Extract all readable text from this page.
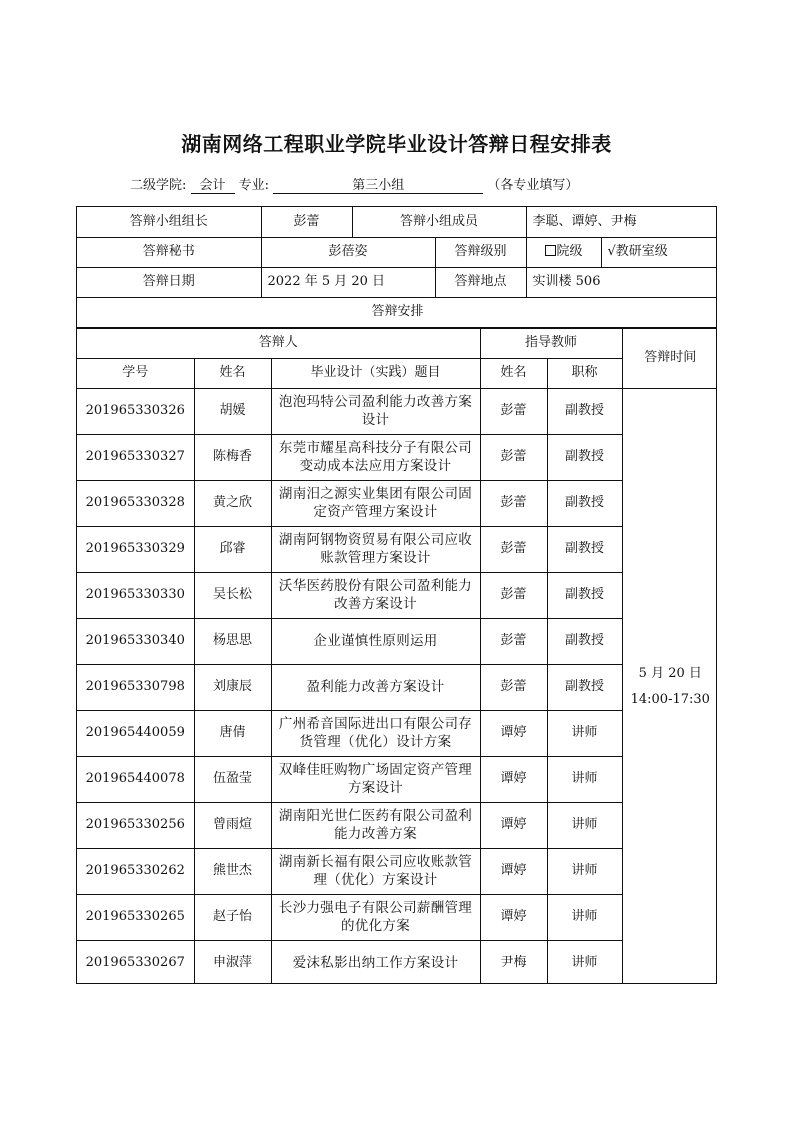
湖南网络工程职业学院毕业设计答辩日程安排表
二级学院: 会计 专业:	第三小组	（各专业填写）
答辩小组组长	彭蕾	答辩小组成员		李聪、谭婷、尹梅	
答辩秘书	彭蓓姿		答辩级别	院级	√教研室级
答辩日期	2022 年 5 月 20 日		答辩地点	实训楼 506	
答辩安排					
答辩人			指导教师		答辩时间
学号	姓名	毕业设计（实践）题目	姓名	职称	
201965330326	胡媛	泡泡玛特公司盈利能力改善方案设计	彭蕾	副教授	5 月 20 日
14:00-17:30

201965330327	陈梅香	东莞市耀星高科技分子有限公司变动成本法应用方案设计	彭蕾	副教授	
201965330328	黄之欣	湖南汨之源实业集团有限公司固定资产管理方案设计	彭蕾	副教授	
201965330329	邱睿	湖南阿钢物资贸易有限公司应收账款管理方案设计	彭蕾	副教授	
201965330330	吴长松	沃华医药股份有限公司盈利能力改善方案设计	彭蕾	副教授	
201965330340	杨思思	企业谨慎性原则运用	彭蕾	副教授	
201965330798	刘康辰	盈利能力改善方案设计	彭蕾	副教授	
201965440059	唐倩	广州希音国际进出口有限公司存货管理（优化）设计方案	谭婷	讲师	
201965440078	伍盈莹	双峰佳旺购物广场固定资产管理方案设计	谭婷	讲师	
201965330256	曾雨煊	湖南阳光世仁医药有限公司盈利能力改善方案	谭婷	讲师	
201965330262	熊世杰	湖南新长福有限公司应收账款管理（优化）方案设计	谭婷	讲师	
201965330265	赵子怡	长沙力强电子有限公司薪酬管理的优化方案	谭婷	讲师	
201965330267	申淑萍	爱沫私影出纳工作方案设计	尹梅	讲师	
